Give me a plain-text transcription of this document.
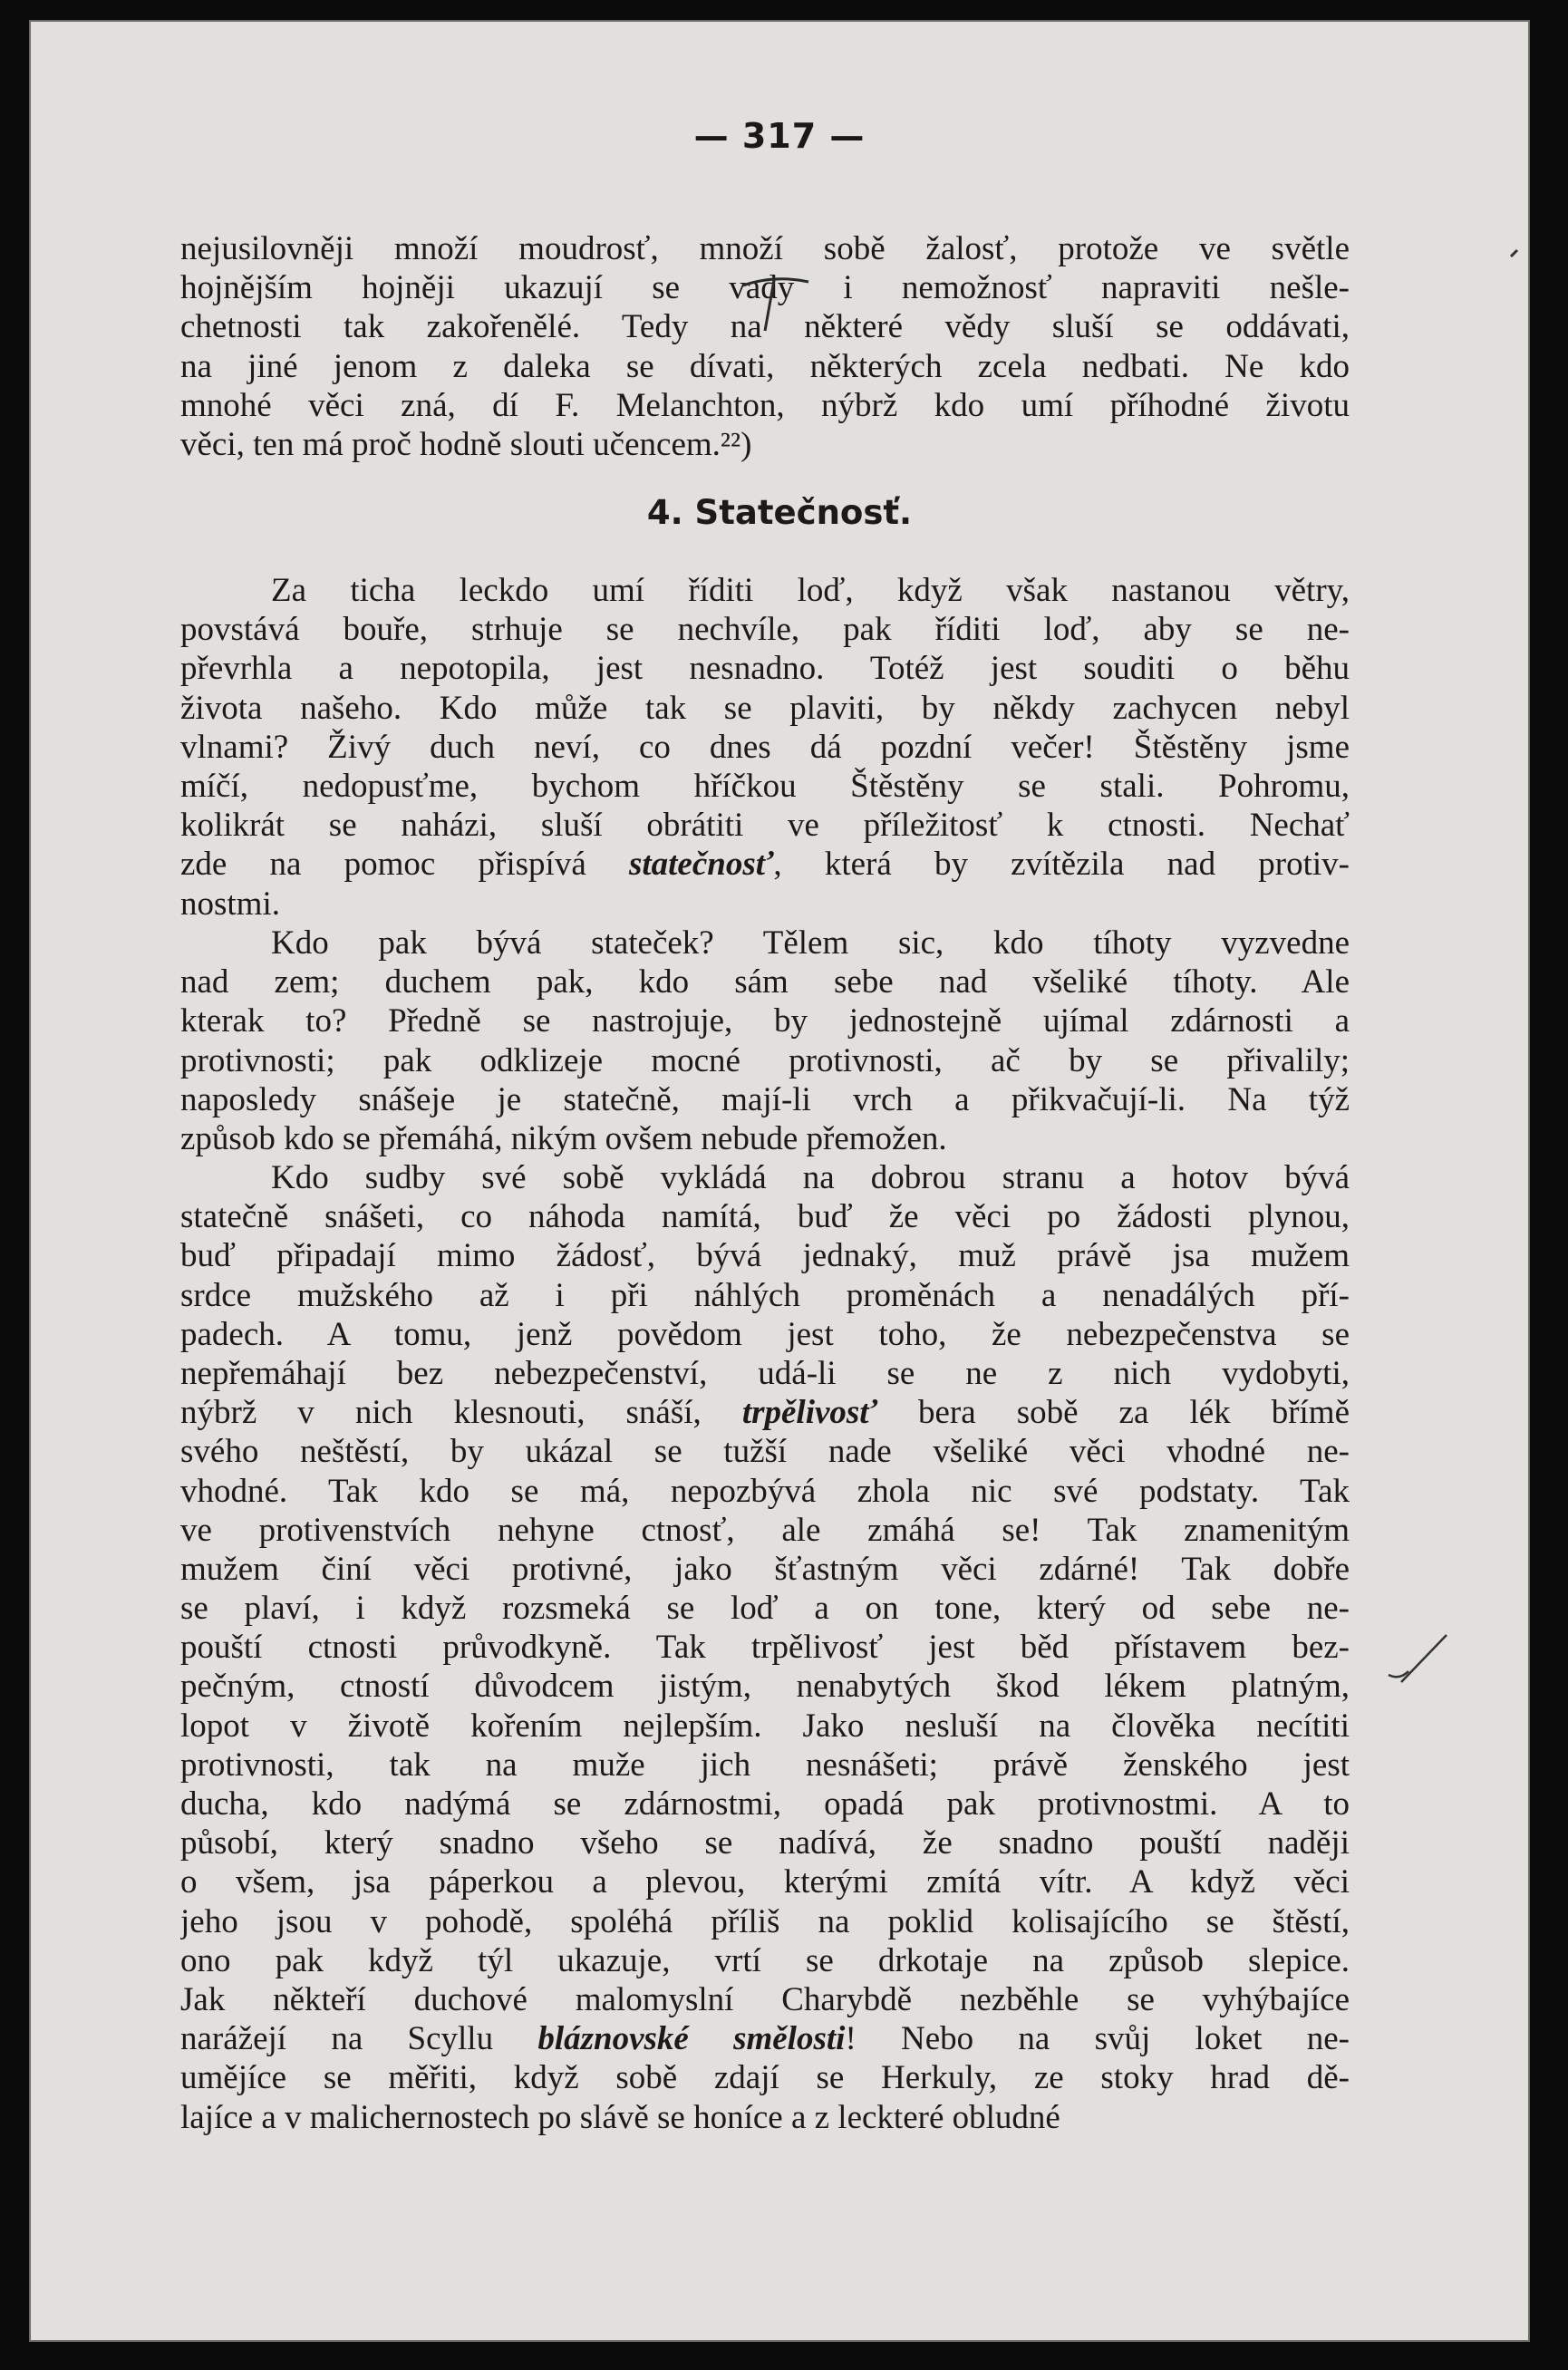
— 317 —
nejusilovněji množí moudrosť, množí sobě žalosť, protože ve světle
hojnějším hojněji ukazují se vady i nemožnosť napraviti nešle-
chetnosti tak zakořenělé. Tedy na některé vědy sluší se oddávati,
na jiné jenom z daleka se dívati, některých zcela nedbati. Ne kdo
mnohé věci zná, dí F. Melanchton, nýbrž kdo umí příhodné životu
věci, ten má proč hodně slouti učencem.²²)
4. Statečnosť.
Za ticha leckdo umí říditi loď, když však nastanou větry,
povstává bouře, strhuje se nechvíle, pak říditi loď, aby se ne-
převrhla a nepotopila, jest nesnadno. Totéž jest souditi o běhu
života našeho. Kdo může tak se plaviti, by někdy zachycen nebyl
vlnami? Živý duch neví, co dnes dá pozdní večer! Štěstěny jsme
míčí, nedopusťme, bychom hříčkou Štěstěny se stali. Pohromu,
kolikrát se naházi, sluší obrátiti ve příležitosť k ctnosti. Nechať
zde na pomoc přispívá statečnosť, která by zvítězila nad protiv-
nostmi.
Kdo pak bývá stateček? Tělem sic, kdo tíhoty vyzvedne
nad zem; duchem pak, kdo sám sebe nad všeliké tíhoty. Ale
kterak to? Předně se nastrojuje, by jednostejně ujímal zdárnosti a
protivnosti; pak odklizeje mocné protivnosti, ač by se přivalily;
naposledy snášeje je statečně, mají-li vrch a přikvačují-li. Na týž
způsob kdo se přemáhá, nikým ovšem nebude přemožen.
Kdo sudby své sobě vykládá na dobrou stranu a hotov bývá
statečně snášeti, co náhoda namítá, buď že věci po žádosti plynou,
buď připadají mimo žádosť, bývá jednaký, muž právě jsa mužem
srdce mužského až i při náhlých proměnách a nenadálých pří-
padech. A tomu, jenž povědom jest toho, že nebezpečenstva se
nepřemáhají bez nebezpečenství, udá-li se ne z nich vydobyti,
nýbrž v nich klesnouti, snáší, trpělivosť bera sobě za lék břímě
svého neštěstí, by ukázal se tužší nade všeliké věci vhodné ne-
vhodné. Tak kdo se má, nepozbývá zhola nic své podstaty. Tak
ve protivenstvích nehyne ctnosť, ale zmáhá se! Tak znamenitým
mužem činí věci protivné, jako šťastným věci zdárné! Tak dobře
se plaví, i když rozsmeká se loď a on tone, který od sebe ne-
pouští ctnosti průvodkyně. Tak trpělivosť jest běd přístavem bez-
pečným, ctností důvodcem jistým, nenabytých škod lékem platným,
lopot v životě kořením nejlepším. Jako nesluší na člověka necítiti
protivnosti, tak na muže jich nesnášeti; právě ženského jest
ducha, kdo nadýmá se zdárnostmi, opadá pak protivnostmi. A to
působí, který snadno všeho se nadívá, že snadno pouští naději
o všem, jsa páperkou a plevou, kterými zmítá vítr. A když věci
jeho jsou v pohodě, spoléhá příliš na poklid kolisajícího se štěstí,
ono pak když týl ukazuje, vrtí se drkotaje na způsob slepice.
Jak někteří duchové malomyslní Charybdě nezběhle se vyhýbajíce
narážejí na Scyllu bláznovské smělosti! Nebo na svůj loket ne-
umějíce se měřiti, když sobě zdají se Herkuly, ze stoky hrad dě-
lajíce a v malichernostech po slávě se honíce a z leckteré obludné
